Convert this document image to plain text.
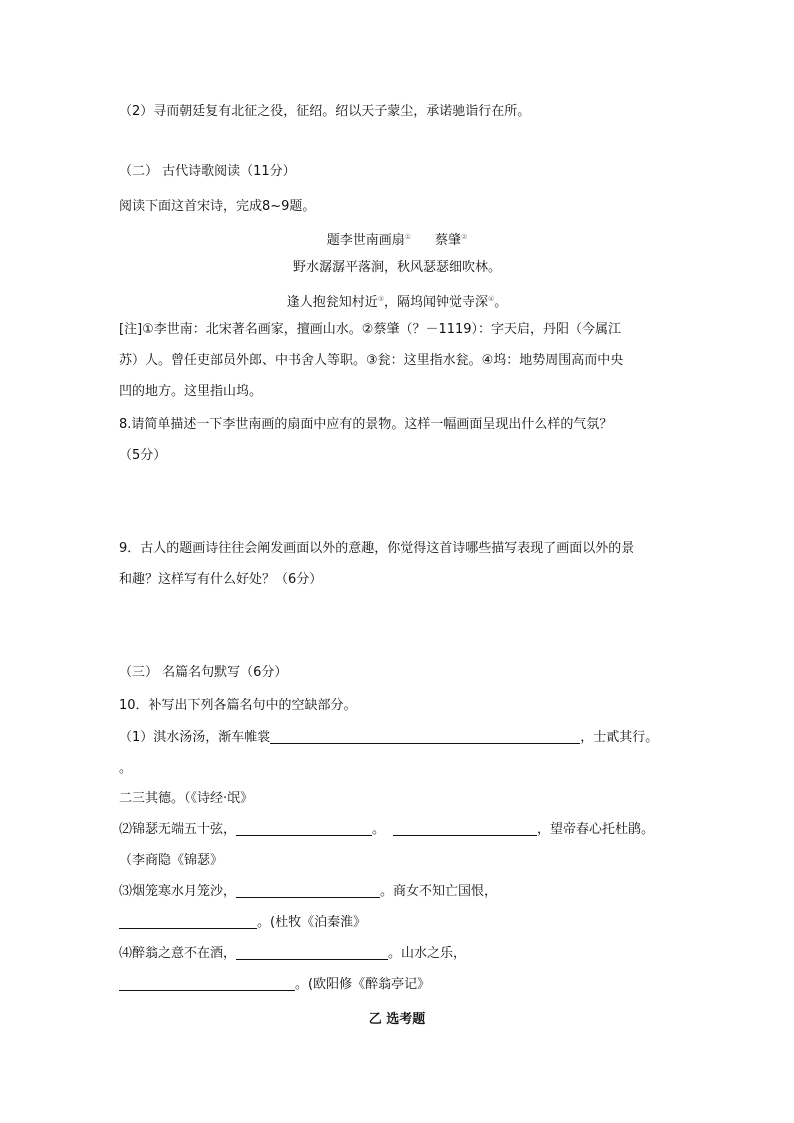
（2）寻而朝廷复有北征之役，征绍。绍以天子蒙尘，承诺驰诣行在所。
（二） 古代诗歌阅读（11分）
阅读下面这首宋诗，完成8~9题。
题李世南画扇① 蔡肇②
野水潺潺平落涧，秋风瑟瑟细吹林。
逢人抱瓮知村近③，隔坞闻钟觉寺深④。
[注]①李世南：北宋著名画家，擅画山水。②蔡肇（？－1119）：字天启，丹阳（今属江
苏）人。曾任吏部员外郎、中书舍人等职。③瓮：这里指水瓮。④坞：地势周围高而中央
凹的地方。这里指山坞。
8.请简单描述一下李世南画的扇面中应有的景物。这样一幅画面呈现出什么样的气氛？
（5分）
9．古人的题画诗往往会阐发画面以外的意趣，你觉得这首诗哪些描写表现了画面以外的景
和趣？这样写有什么好处？（6分）
（三） 名篇名句默写（6分）
10．补写出下列各篇名句中的空缺部分。
（1）淇水汤汤，渐车帷裳	，士貳其行。
。
二三其德。（《诗经·氓》
⑵锦瑟无端五十弦，	。	，望帝春心托杜鹃。
（李商隐《锦瑟》
⑶烟笼寒水月笼沙，	。商女不知亡国恨，
。(杜牧《泊秦淮》
⑷醉翁之意不在酒，	。山水之乐，
。(欧阳修《醉翁亭记》
乙 选考题
